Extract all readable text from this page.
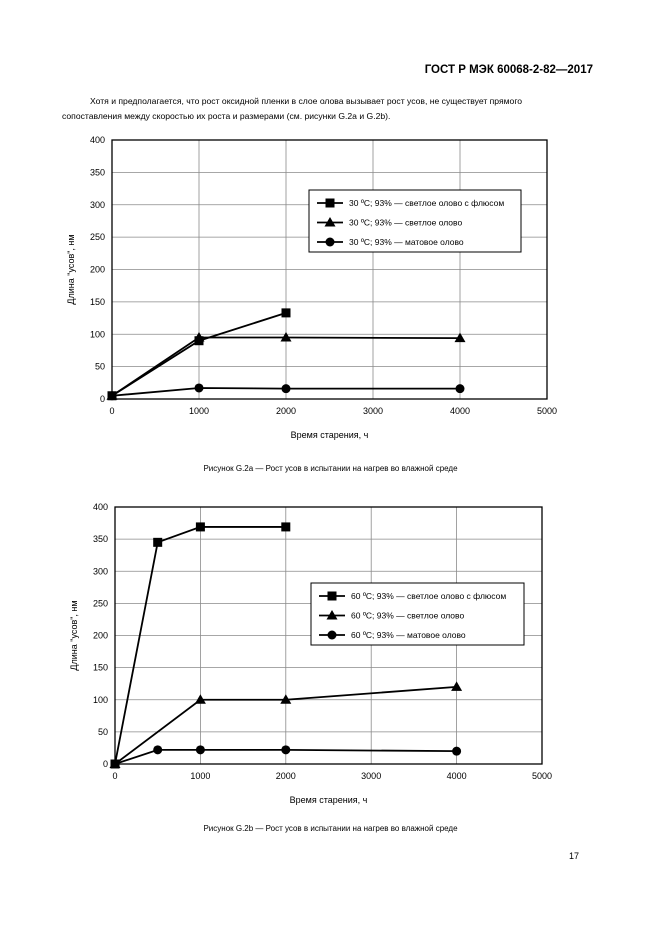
ГОСТ Р МЭК 60068-2-82—2017

Хотя и предполагается, что рост оксидной пленки в слое олова вызывает рост усов, не существует прямого

сопоставления между скоростью их роста и размерами (см. рисунки G.2a и G.2b).

0
50
100
150
200
250
300
350
400
0	1000	2000	3000	4000	5000
Время старения, ч
Длина "усов", нм
30 ºС; 93% — светлое олово с флюсом
30 ºС; 93% — светлое олово
30 ºС; 93% — матовое олово
Рисунок G.2a — Рост усов в испытании на нагрев во влажной среде
0
50
100
150
200
250
300
350
400
0	1000	2000	3000	4000	5000
Время старения, ч
Длина "усов", нм
60 ºС; 93% — светлое олово с флюсом
60 ºС; 93% — светлое олово
60 ºС; 93% — матовое олово
Рисунок G.2b — Рост усов в испытании на нагрев во влажной среде
17
